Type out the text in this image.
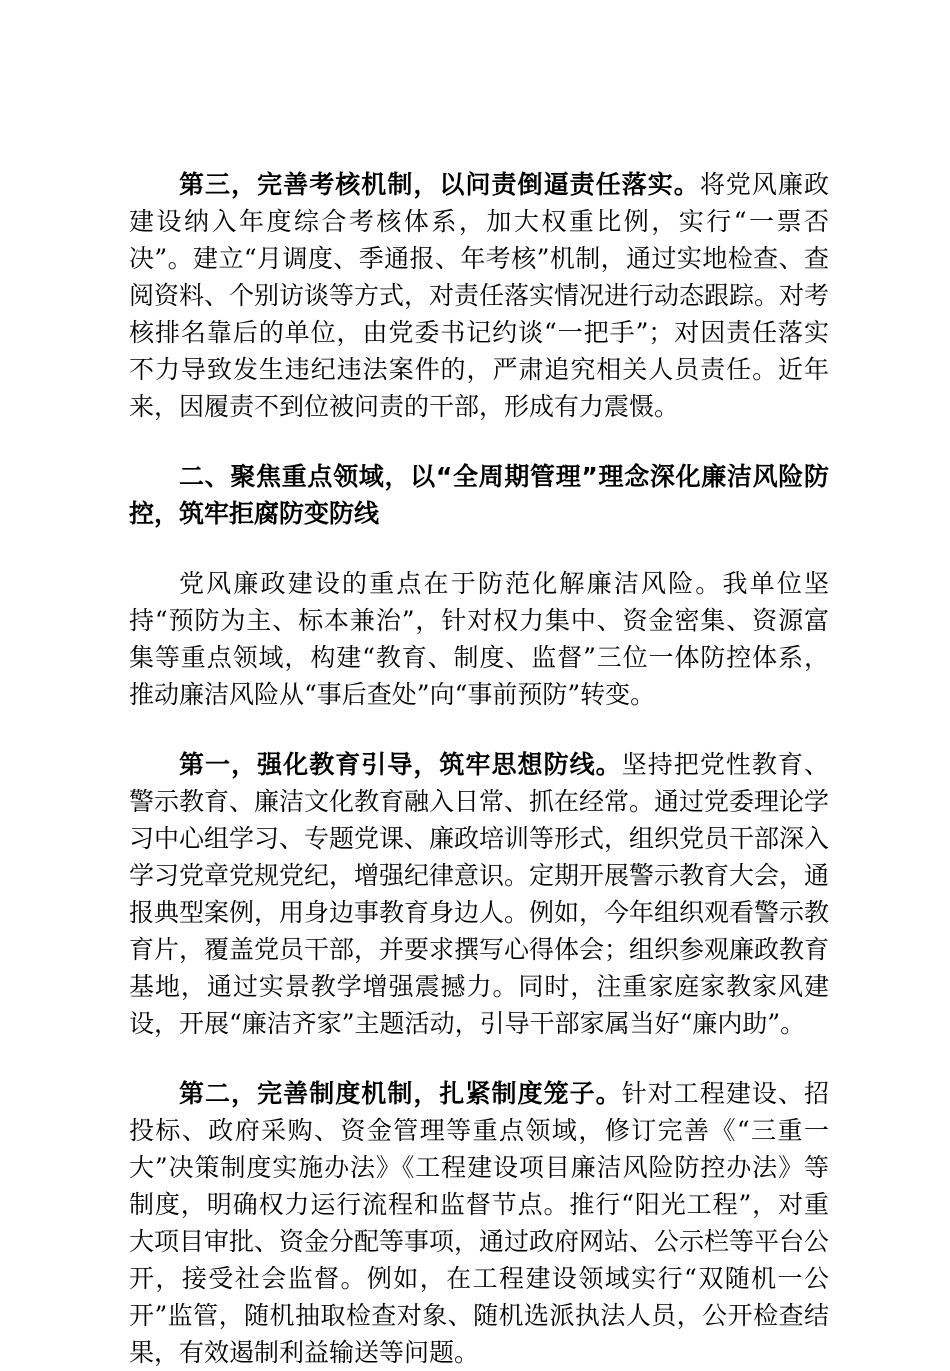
第三，完善考核机制，以问责倒逼责任落实。将党风廉政建设纳入年度综合考核体系，加大权重比例，实行“一票否决”。建立“月调度、季通报、年考核”机制，通过实地检查、查阅资料、个别访谈等方式，对责任落实情况进行动态跟踪。对考核排名靠后的单位，由党委书记约谈“一把手”；对因责任落实不力导致发生违纪违法案件的，严肃追究相关人员责任。近年来，因履责不到位被问责的干部，形成有力震慑。

二、聚焦重点领域，以“全周期管理”理念深化廉洁风险防控，筑牢拒腐防变防线

党风廉政建设的重点在于防范化解廉洁风险。我单位坚持“预防为主、标本兼治”，针对权力集中、资金密集、资源富集等重点领域，构建“教育、制度、监督”三位一体防控体系，推动廉洁风险从“事后查处”向“事前预防”转变。

第一，强化教育引导，筑牢思想防线。坚持把党性教育、警示教育、廉洁文化教育融入日常、抓在经常。通过党委理论学习中心组学习、专题党课、廉政培训等形式，组织党员干部深入学习党章党规党纪，增强纪律意识。定期开展警示教育大会，通报典型案例，用身边事教育身边人。例如，今年组织观看警示教育片，覆盖党员干部，并要求撰写心得体会；组织参观廉政教育基地，通过实景教学增强震撼力。同时，注重家庭家教家风建设，开展“廉洁齐家”主题活动，引导干部家属当好“廉内助”。

第二，完善制度机制，扎紧制度笼子。针对工程建设、招投标、政府采购、资金管理等重点领域，修订完善《“三重一大”决策制度实施办法》《工程建设项目廉洁风险防控办法》等制度，明确权力运行流程和监督节点。推行“阳光工程”，对重大项目审批、资金分配等事项，通过政府网站、公示栏等平台公开，接受社会监督。例如，在工程建设领域实行“双随机一公开”监管，随机抽取检查对象、随机选派执法人员，公开检查结果，有效遏制利益输送等问题。
